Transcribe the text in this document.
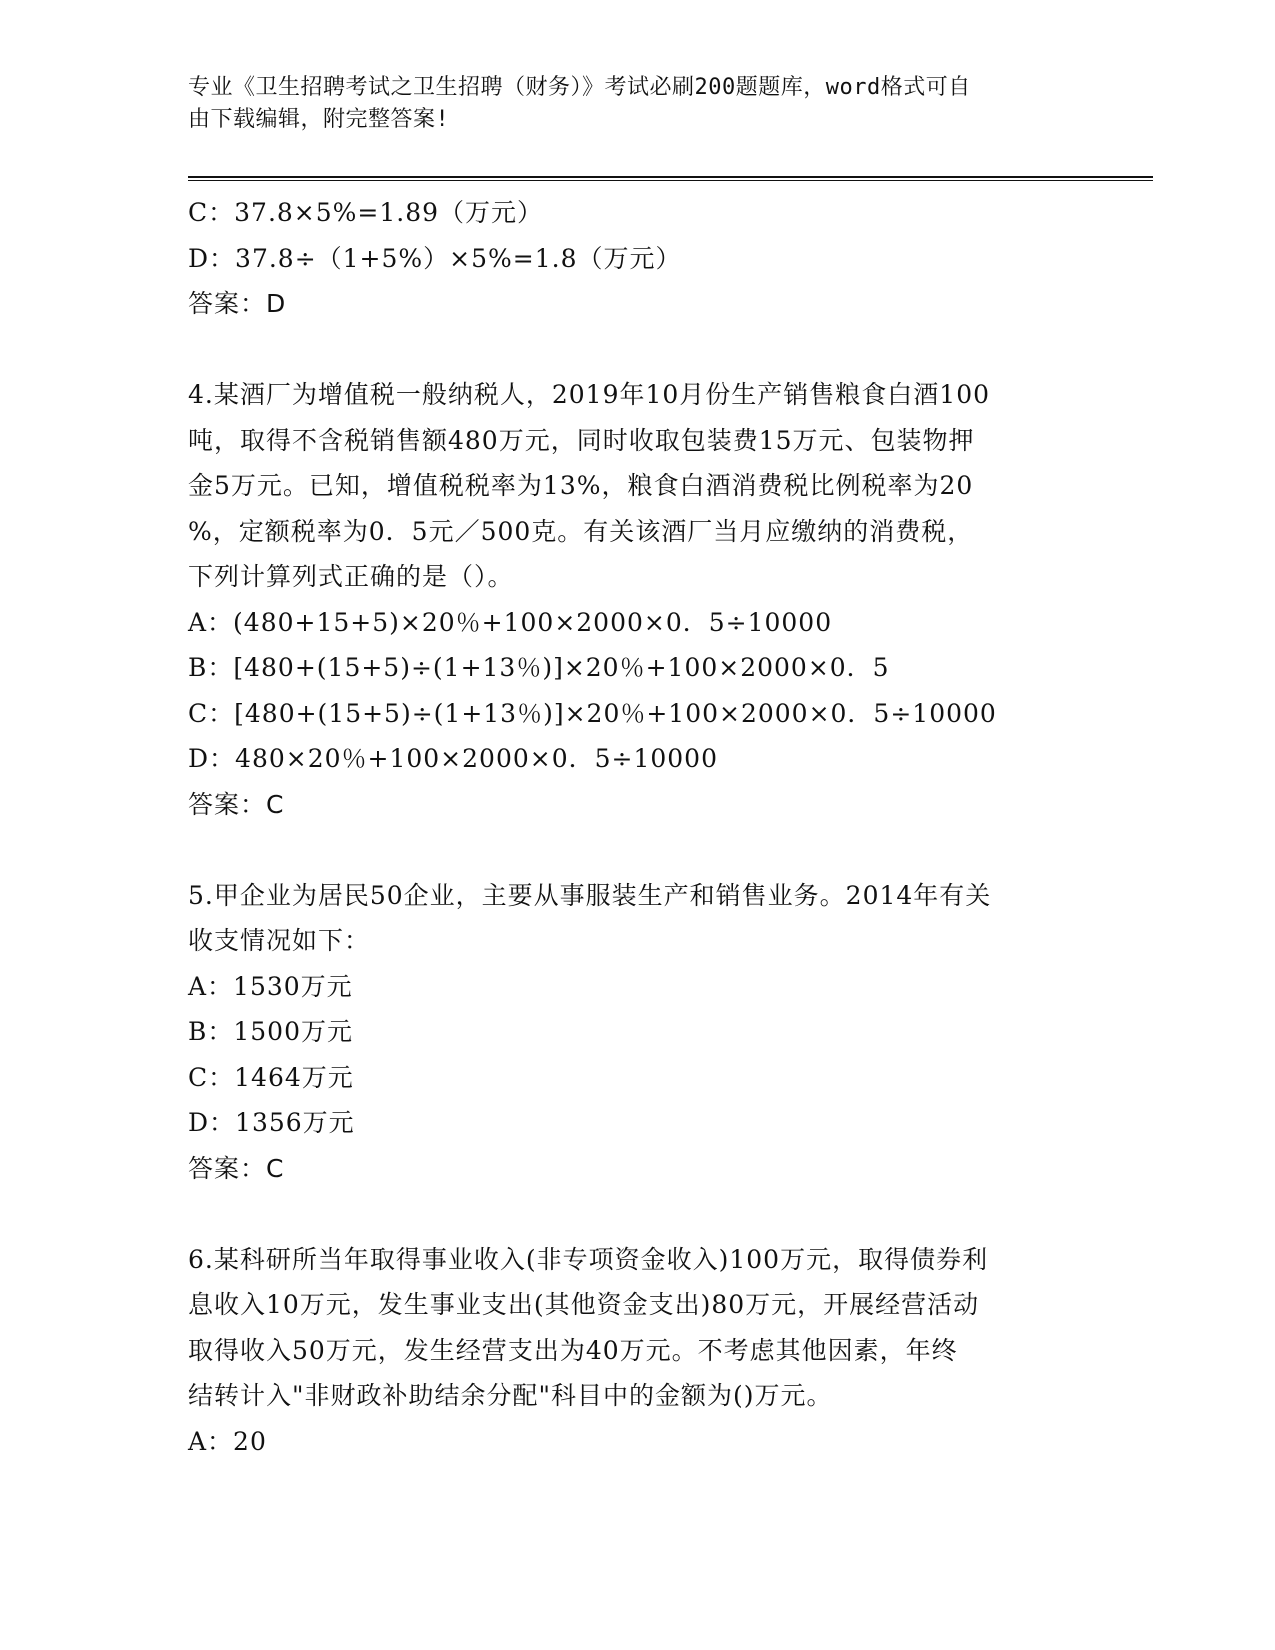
专业《卫生招聘考试之卫生招聘（财务）》考试必刷200题题库，word格式可自
由下载编辑，附完整答案!
C：37.8×5%=1.89（万元）
D：37.8÷（1+5%）×5%=1.8（万元）
答案：D
4.某酒厂为增值税一般纳税人，2019年10月份生产销售粮食白酒100
吨，取得不含税销售额480万元，同时收取包装费15万元、包装物押
金5万元。已知，增值税税率为13%，粮食白酒消费税比例税率为20
%，定额税率为0．5元／500克。有关该酒厂当月应缴纳的消费税，
下列计算列式正确的是（）。
A：(480+15+5)×20％+100×2000×0．5÷10000
B：[480+(15+5)÷(1+13％)]×20％+100×2000×0．5
C：[480+(15+5)÷(1+13％)]×20％+100×2000×0．5÷10000
D：480×20％+100×2000×0．5÷10000
答案：C
5.甲企业为居民50企业，主要从事服装生产和销售业务。2014年有关
收支情况如下：
A：1530万元
B：1500万元
C：1464万元
D：1356万元
答案：C
6.某科研所当年取得事业收入(非专项资金收入)100万元，取得债券利
息收入10万元，发生事业支出(其他资金支出)80万元，开展经营活动
取得收入50万元，发生经营支出为40万元。不考虑其他因素，年终
结转计入"非财政补助结余分配"科目中的金额为()万元。
A：20
